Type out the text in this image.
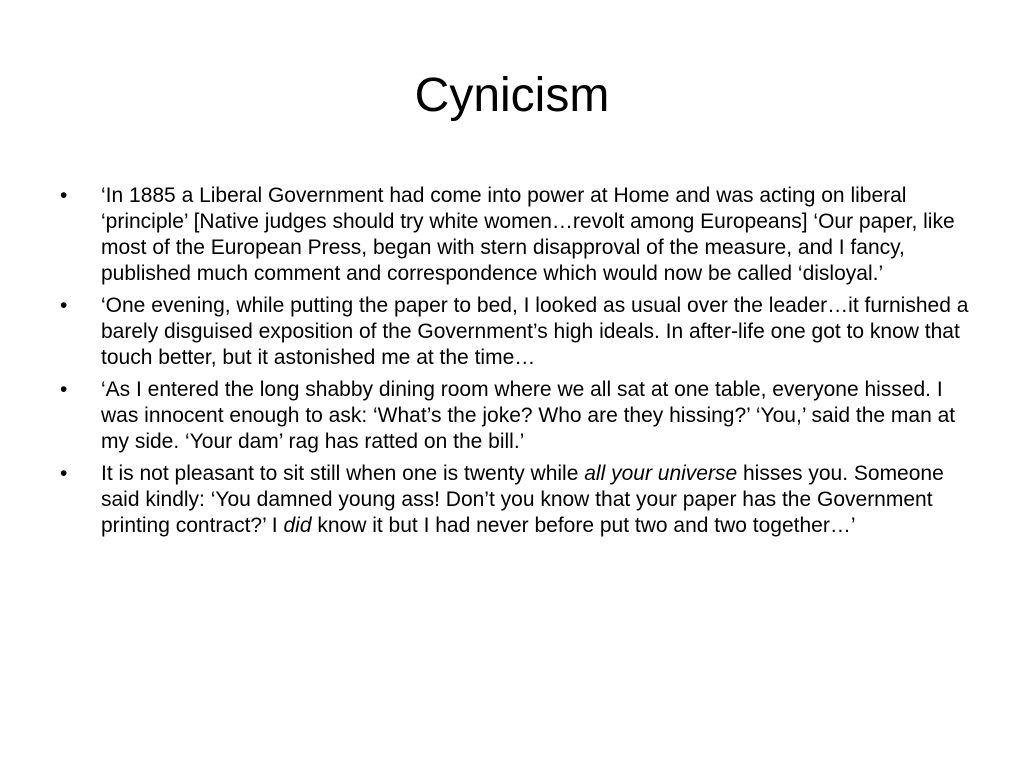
Cynicism
• ‘In 1885 a Liberal Government had come into power at Home and was acting on liberal ‘principle’ [Native judges should try white women…revolt among Europeans] ‘Our paper, like most of the European Press, began with stern disapproval of the measure, and I fancy, published much comment and correspondence which would now be called ‘disloyal.’
• ‘One evening, while putting the paper to bed, I looked as usual over the leader…it furnished a barely disguised exposition of the Government’s high ideals. In after-life one got to know that touch better, but it astonished me at the time…
• ‘As I entered the long shabby dining room where we all sat at one table, everyone hissed. I was innocent enough to ask: ‘What’s the joke? Who are they hissing?’ ‘You,’ said the man at my side. ‘Your dam’ rag has ratted on the bill.’
• It is not pleasant to sit still when one is twenty while all your universe hisses you. Someone said kindly: ‘You damned young ass! Don’t you know that your paper has the Government printing contract?’ I did know it but I had never before put two and two together…’
